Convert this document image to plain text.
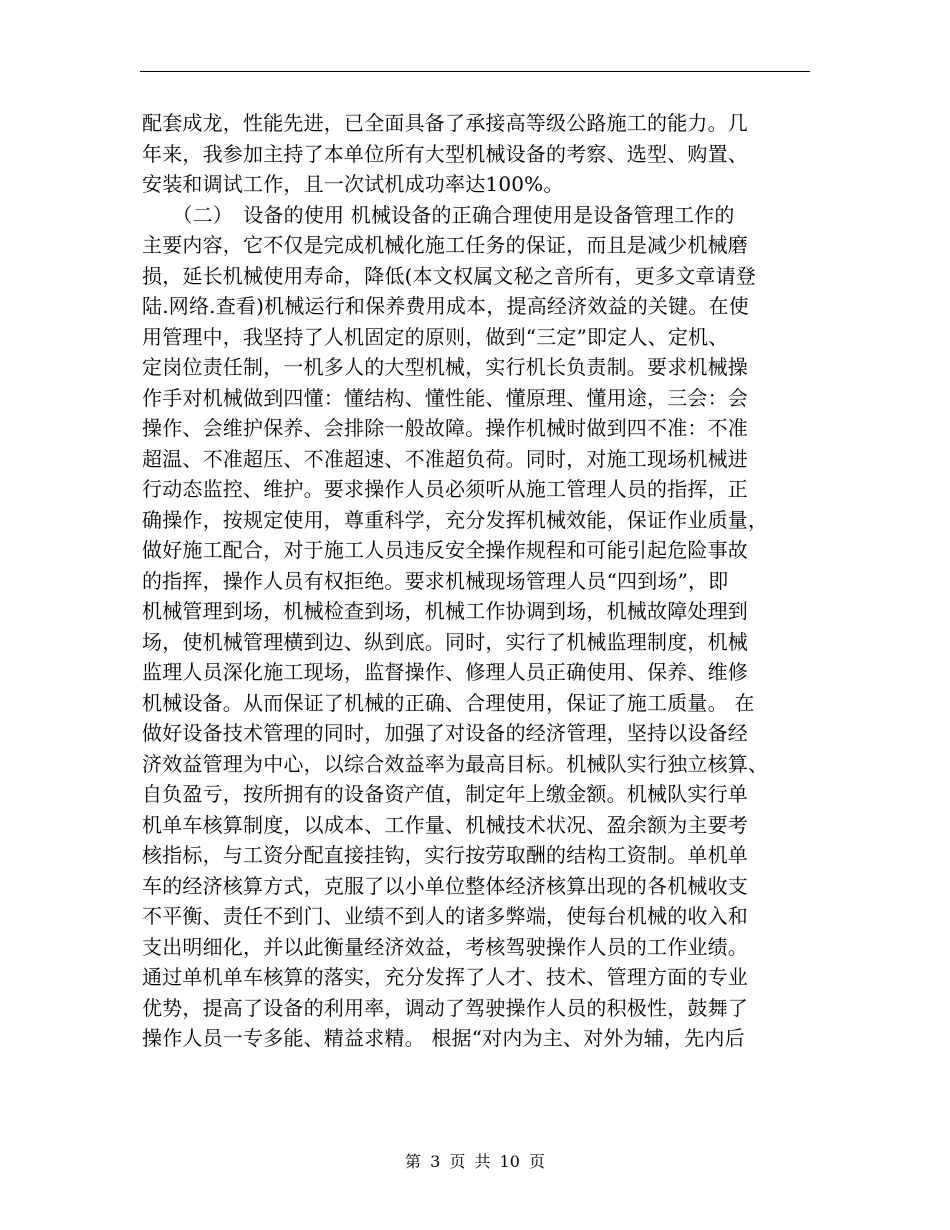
配套成龙，性能先进，已全面具备了承接高等级公路施工的能力。几
年来，我参加主持了本单位所有大型机械设备的考察、选型、购置、
安装和调试工作，且一次试机成功率达100%。
　　（二）　设备的使用 机械设备的正确合理使用是设备管理工作的
主要内容，它不仅是完成机械化施工任务的保证，而且是减少机械磨
损，延长机械使用寿命，降低(本文权属文秘之音所有，更多文章请登
陆.网络.查看)机械运行和保养费用成本，提高经济效益的关键。在使
用管理中，我坚持了人机固定的原则，做到“三定”即定人、定机、
定岗位责任制，一机多人的大型机械，实行机长负责制。要求机械操
作手对机械做到四懂：懂结构、懂性能、懂原理、懂用途，三会：会
操作、会维护保养、会排除一般故障。操作机械时做到四不准：不准
超温、不准超压、不准超速、不准超负荷。同时，对施工现场机械进
行动态监控、维护。要求操作人员必须听从施工管理人员的指挥，正
确操作，按规定使用，尊重科学，充分发挥机械效能，保证作业质量，
做好施工配合，对于施工人员违反安全操作规程和可能引起危险事故
的指挥，操作人员有权拒绝。要求机械现场管理人员“四到场”，即
机械管理到场，机械检查到场，机械工作协调到场，机械故障处理到
场，使机械管理横到边、纵到底。同时，实行了机械监理制度，机械
监理人员深化施工现场，监督操作、修理人员正确使用、保养、维修
机械设备。从而保证了机械的正确、合理使用，保证了施工质量。 在
做好设备技术管理的同时，加强了对设备的经济管理，坚持以设备经
济效益管理为中心，以综合效益率为最高目标。机械队实行独立核算、
自负盈亏，按所拥有的设备资产值，制定年上缴金额。机械队实行单
机单车核算制度，以成本、工作量、机械技术状况、盈余额为主要考
核指标，与工资分配直接挂钩，实行按劳取酬的结构工资制。单机单
车的经济核算方式，克服了以小单位整体经济核算出现的各机械收支
不平衡、责任不到门、业绩不到人的诸多弊端，使每台机械的收入和
支出明细化，并以此衡量经济效益，考核驾驶操作人员的工作业绩。
通过单机单车核算的落实，充分发挥了人才、技术、管理方面的专业
优势，提高了设备的利用率，调动了驾驶操作人员的积极性，鼓舞了
操作人员一专多能、精益求精。 根据“对内为主、对外为辅，先内后
第 3 页 共 10 页
